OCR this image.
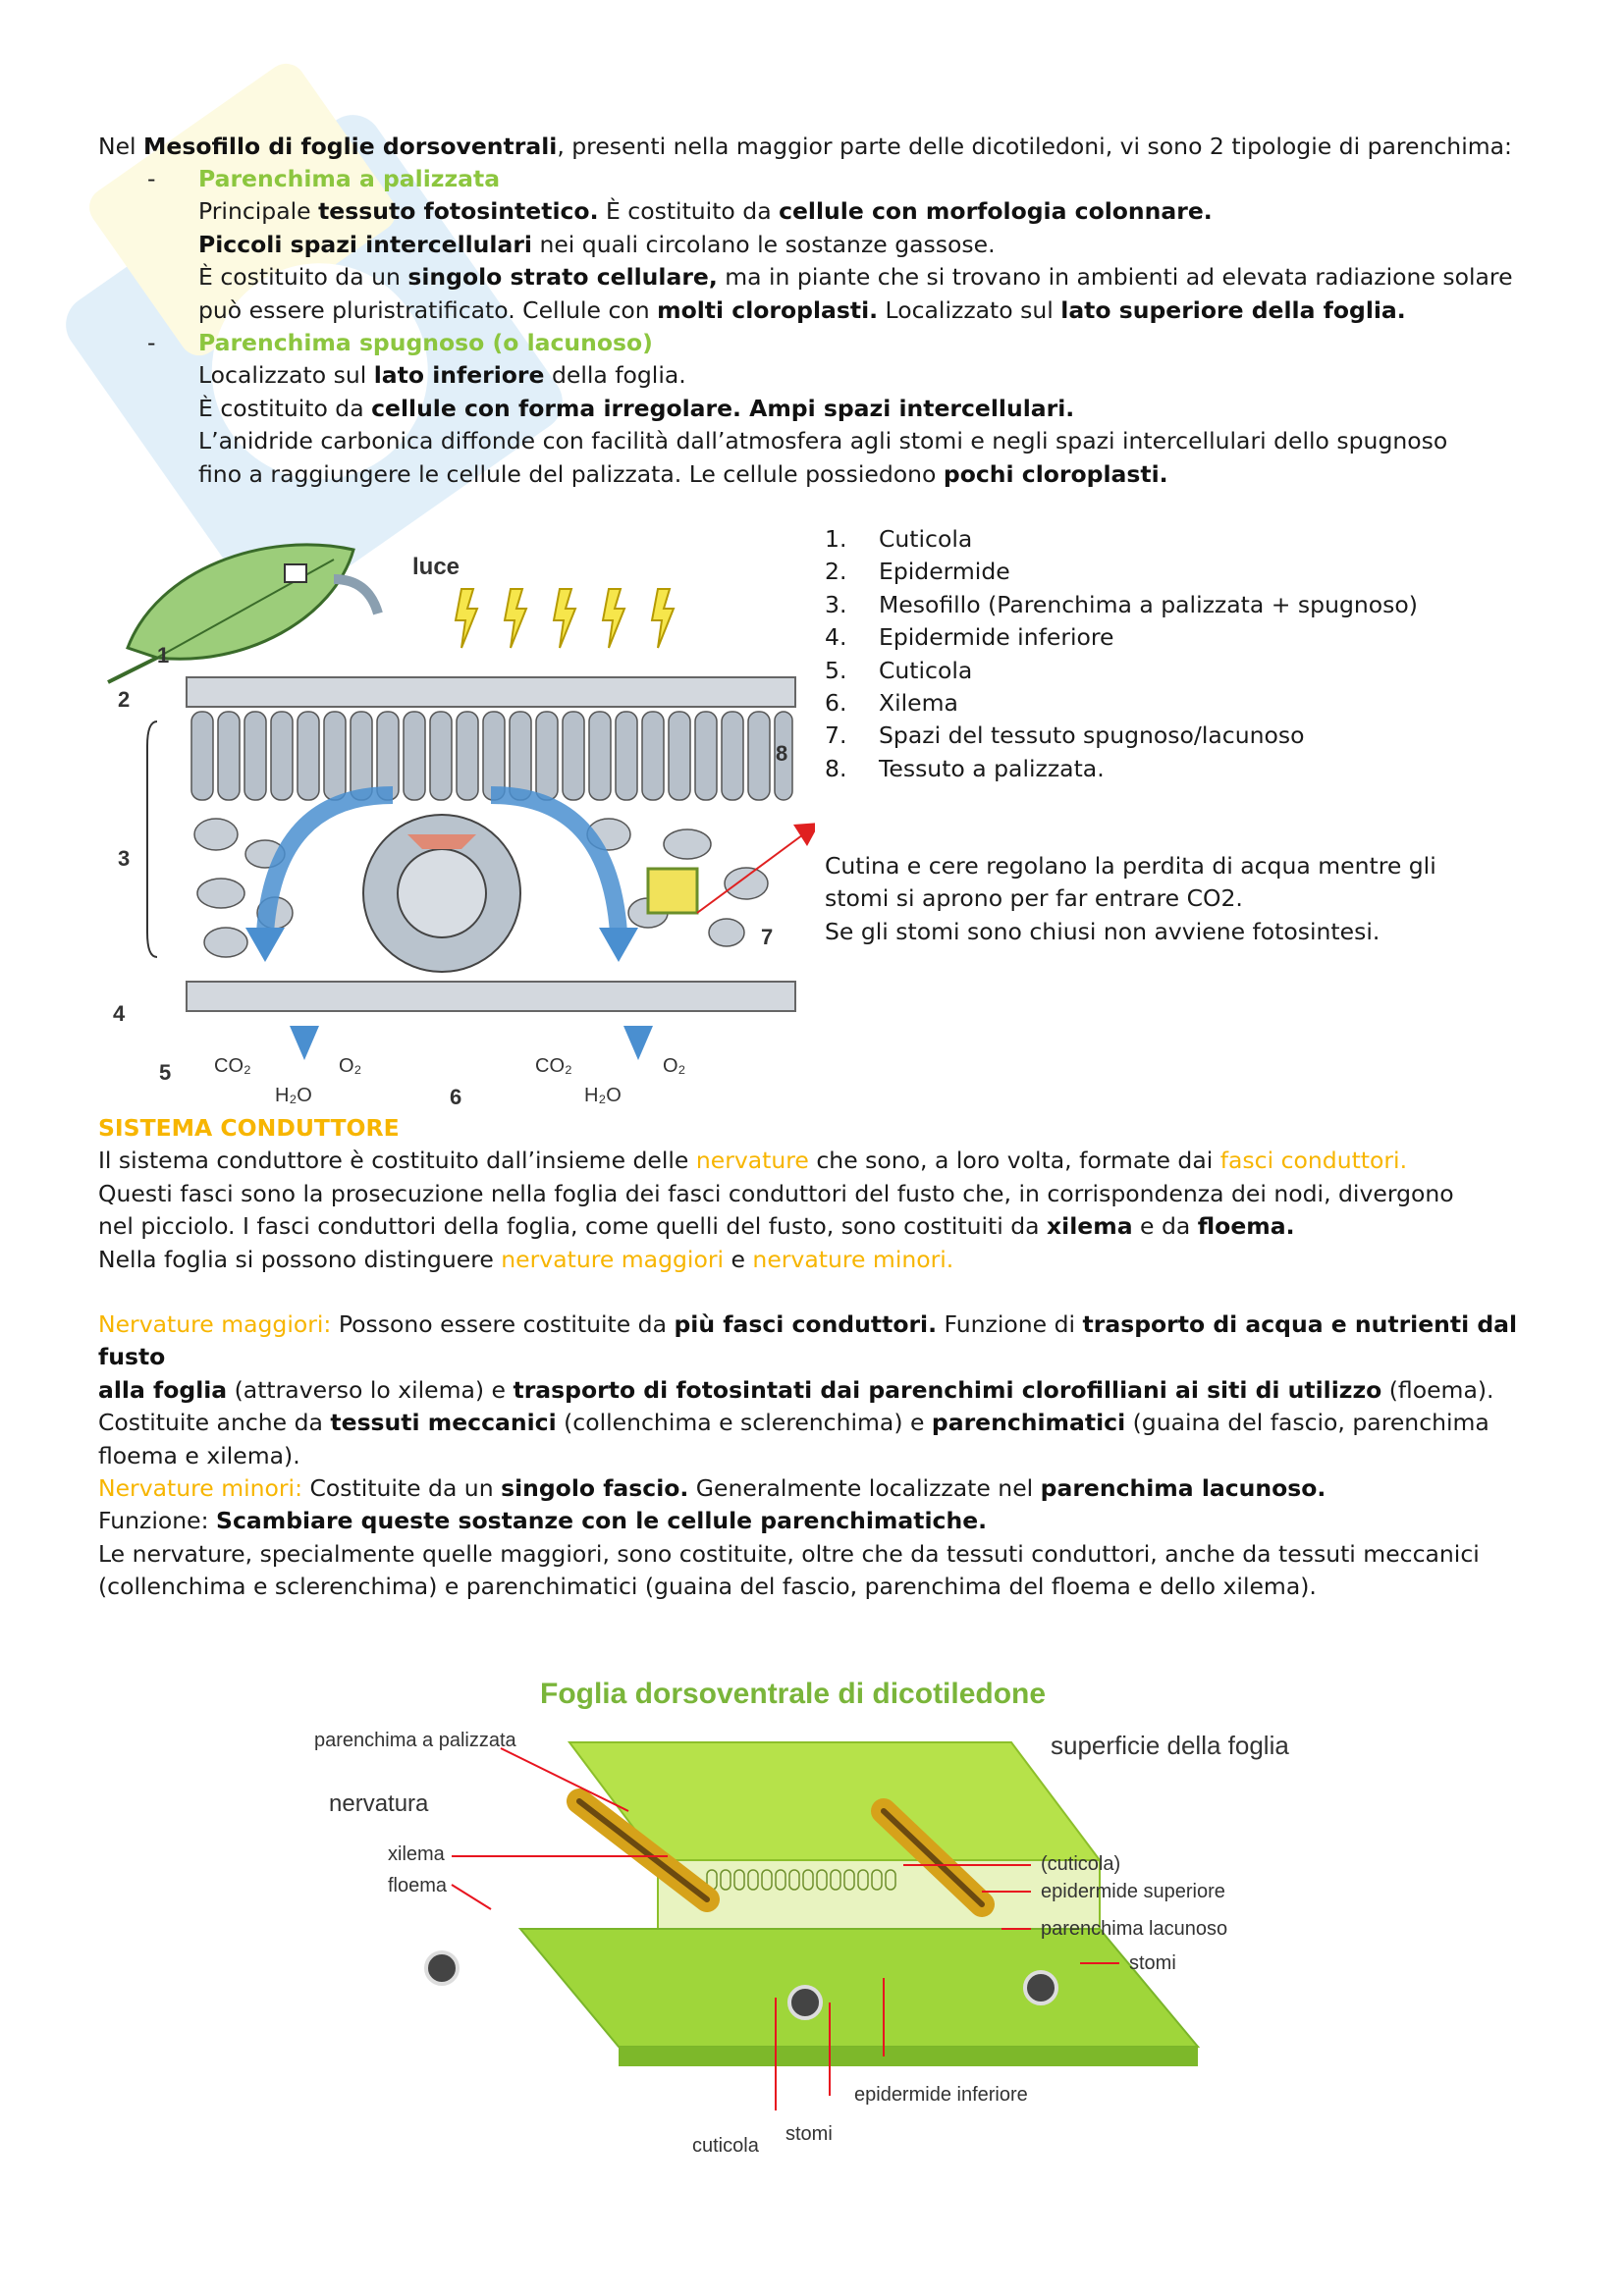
Nel Mesofillo di foglie dorsoventrali, presenti nella maggior parte delle dicotiledoni, vi sono 2 tipologie di parenchima:

- Parenchima a palizzata

Principale tessuto fotosintetico. È costituito da cellule con morfologia colonnare.

Piccoli spazi intercellulari nei quali circolano le sostanze gassose.

È costituito da un singolo strato cellulare, ma in piante che si trovano in ambienti ad elevata radiazione solare

può essere pluristratificato. Cellule con molti cloroplasti. Localizzato sul lato superiore della foglia.

- Parenchima spugnoso (o lacunoso)

Localizzato sul lato inferiore della foglia.

È costituito da cellule con forma irregolare. Ampi spazi intercellulari.

L’anidride carbonica diffonde con facilità dall’atmosfera agli stomi e negli spazi intercellulari dello spugnoso

fino a raggiungere le cellule del palizzata. Le cellule possiedono pochi cloroplasti.

luce
1
2
3
4
5
6
7
8
CO₂	O₂
H₂O
CO₂	O₂
H₂O
1.	Cuticola
2.	Epidermide
3.	Mesofillo (Parenchima a palizzata + spugnoso)
4.	Epidermide inferiore
5.	Cuticola
6.	Xilema
7.	Spazi del tessuto spugnoso/lacunoso
8.	Tessuto a palizzata.

Cutina e cere regolano la perdita di acqua mentre gli

stomi si aprono per far entrare CO2.

Se gli stomi sono chiusi non avviene fotosintesi.

SISTEMA CONDUTTORE

Il sistema conduttore è costituito dall’insieme delle nervature che sono, a loro volta, formate dai fasci conduttori.

Questi fasci sono la prosecuzione nella foglia dei fasci conduttori del fusto che, in corrispondenza dei nodi, divergono

nel picciolo. I fasci conduttori della foglia, come quelli del fusto, sono costituiti da xilema e da floema.

Nella foglia si possono distinguere nervature maggiori e nervature minori.

Nervature maggiori: Possono essere costituite da più fasci conduttori. Funzione di trasporto di acqua e nutrienti dal fusto

alla foglia (attraverso lo xilema) e trasporto di fotosintati dai parenchimi clorofilliani ai siti di utilizzo (floema).

Costituite anche da tessuti meccanici (collenchima e sclerenchima) e parenchimatici (guaina del fascio, parenchima

floema e xilema).

Nervature minori: Costituite da un singolo fascio. Generalmente localizzate nel parenchima lacunoso.

Funzione: Scambiare queste sostanze con le cellule parenchimatiche.

Le nervature, specialmente quelle maggiori, sono costituite, oltre che da tessuti conduttori, anche da tessuti meccanici

(collenchima e sclerenchima) e parenchimatici (guaina del fascio, parenchima del floema e dello xilema).

Foglia dorsoventrale di dicotiledone
parenchima a palizzata
nervatura
xilema
floema
superficie della foglia
(cuticola)
epidermide superiore
parenchima lacunoso
stomi
epidermide inferiore
stomi
cuticola
